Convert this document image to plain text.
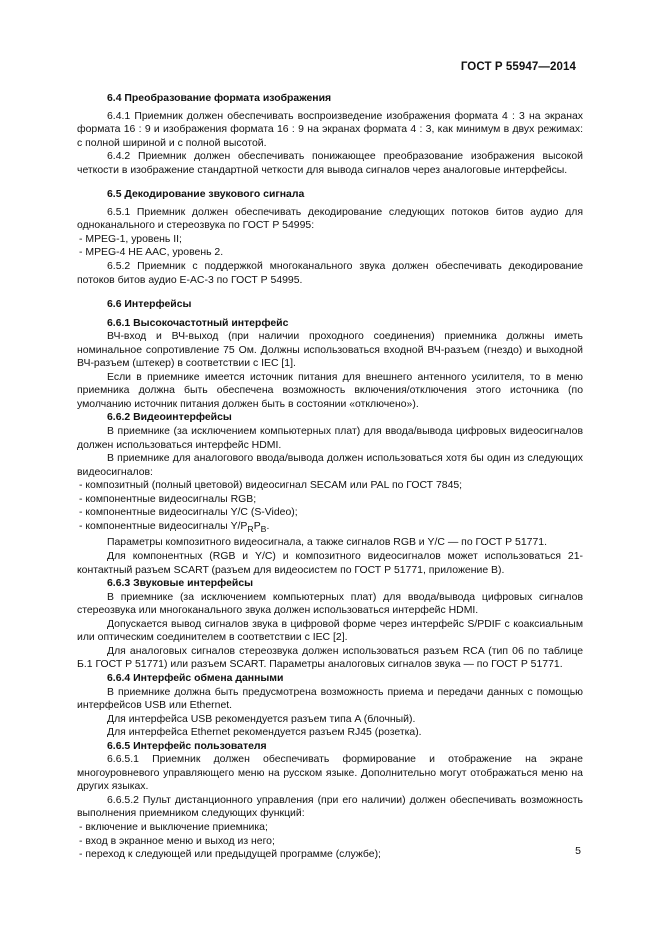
ГОСТ Р 55947—2014

6.4 Преобразование формата изображения

6.4.1 Приемник должен обеспечивать воспроизведение изображения формата 4 : 3 на экранах формата 16 : 9 и изображения формата 16 : 9 на экранах формата 4 : 3, как минимум в двух режимах: с полной шириной и с полной высотой.

6.4.2 Приемник должен обеспечивать понижающее преобразование изображения высокой четкости в изображение стандартной четкости для вывода сигналов через аналоговые интерфейсы.

6.5 Декодирование звукового сигнала

6.5.1 Приемник должен обеспечивать декодирование следующих потоков битов аудио для одноканального и стереозвука по ГОСТ Р 54995:

- MPEG-1, уровень II;

- MPEG-4 HE AAC, уровень 2.

6.5.2 Приемник с поддержкой многоканального звука должен обеспечивать декодирование потоков битов аудио E-AC-3 по ГОСТ Р 54995.

6.6 Интерфейсы

6.6.1 Высокочастотный интерфейс

ВЧ-вход и ВЧ-выход (при наличии проходного соединения) приемника должны иметь номинальное сопротивление 75 Ом. Должны использоваться входной ВЧ-разъем (гнездо) и выходной ВЧ-разъем (штекер) в соответствии с IEC [1].

Если в приемнике имеется источник питания для внешнего антенного усилителя, то в меню приемника должна быть обеспечена возможность включения/отключения этого источника (по умолчанию источник питания должен быть в состоянии «отключено»).

6.6.2 Видеоинтерфейсы

В приемнике (за исключением компьютерных плат) для ввода/вывода цифровых видеосигналов должен использоваться интерфейс HDMI.

В приемнике для аналогового ввода/вывода должен использоваться хотя бы один из следующих видеосигналов:

- композитный (полный цветовой) видеосигнал SECAM или PAL по ГОСТ 7845;

- компонентные видеосигналы RGB;

- компонентные видеосигналы Y/C (S-Video);

- компонентные видеосигналы $Y/P_RP_B$.

Параметры композитного видеосигнала, а также сигналов RGB и Y/C — по ГОСТ Р 51771.

Для компонентных (RGB и Y/C) и композитного видеосигналов может использоваться 21-контактный разъем SCART (разъем для видеосистем по ГОСТ Р 51771, приложение В).

6.6.3 Звуковые интерфейсы

В приемнике (за исключением компьютерных плат) для ввода/вывода цифровых сигналов стереозвука или многоканального звука должен использоваться интерфейс HDMI.

Допускается вывод сигналов звука в цифровой форме через интерфейс S/PDIF с коаксиальным или оптическим соединителем в соответствии с IEC [2].

Для аналоговых сигналов стереозвука должен использоваться разъем RCA (тип 06 по таблице Б.1 ГОСТ Р 51771) или разъем SCART. Параметры аналоговых сигналов звука — по ГОСТ Р 51771.

6.6.4 Интерфейс обмена данными

В приемнике должна быть предусмотрена возможность приема и передачи данных с помощью интерфейсов USB или Ethernet.

Для интерфейса USB рекомендуется разъем типа A (блочный).

Для интерфейса Ethernet рекомендуется разъем RJ45 (розетка).

6.6.5 Интерфейс пользователя

6.6.5.1 Приемник должен обеспечивать формирование и отображение на экране многоуровневого управляющего меню на русском языке. Дополнительно могут отображаться меню на других языках.

6.6.5.2 Пульт дистанционного управления (при его наличии) должен обеспечивать возможность выполнения приемником следующих функций:

- включение и выключение приемника;

- вход в экранное меню и выход из него;

- переход к следующей или предыдущей программе (службе);	5
